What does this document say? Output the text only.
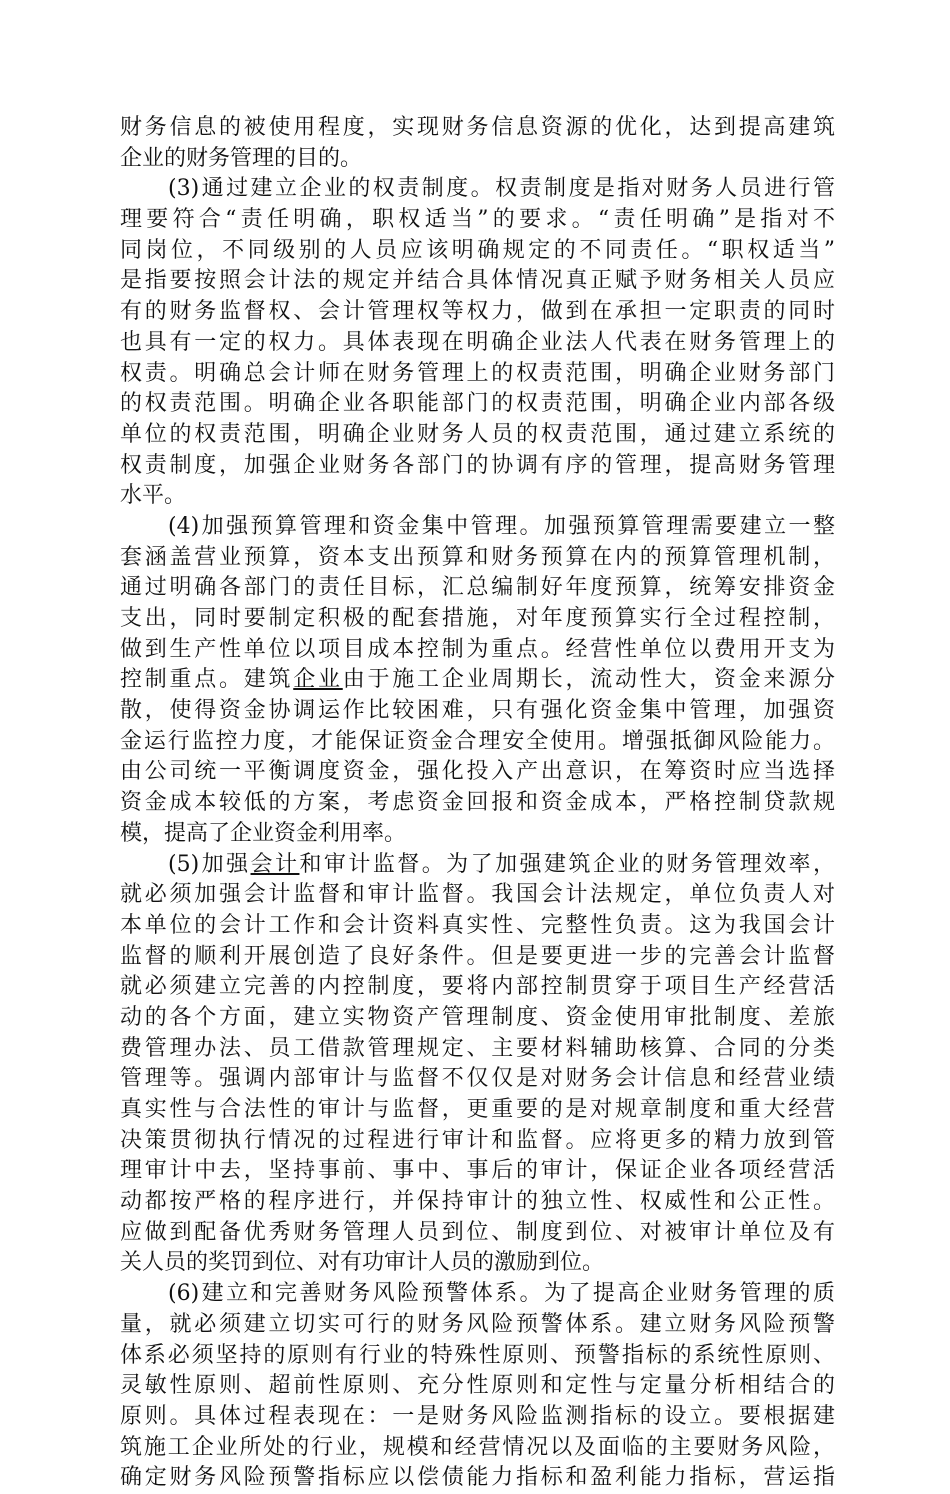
财务信息的被使用程度，实现财务信息资源的优化，达到提高建筑
企业的财务管理的目的。
(3)通过建立企业的权责制度。权责制度是指对财务人员进行管
理要符合“责任明确，职权适当”的要求。“责任明确”是指对不
同岗位，不同级别的人员应该明确规定的不同责任。“职权适当”
是指要按照会计法的规定并结合具体情况真正赋予财务相关人员应
有的财务监督权、会计管理权等权力，做到在承担一定职责的同时
也具有一定的权力。具体表现在明确企业法人代表在财务管理上的
权责。明确总会计师在财务管理上的权责范围，明确企业财务部门
的权责范围。明确企业各职能部门的权责范围，明确企业内部各级
单位的权责范围，明确企业财务人员的权责范围，通过建立系统的
权责制度，加强企业财务各部门的协调有序的管理，提高财务管理
水平。
(4)加强预算管理和资金集中管理。加强预算管理需要建立一整
套涵盖营业预算，资本支出预算和财务预算在内的预算管理机制，
通过明确各部门的责任目标，汇总编制好年度预算，统筹安排资金
支出，同时要制定积极的配套措施，对年度预算实行全过程控制，
做到生产性单位以项目成本控制为重点。经营性单位以费用开支为
控制重点。建筑企业由于施工企业周期长，流动性大，资金来源分
散，使得资金协调运作比较困难，只有强化资金集中管理，加强资
金运行监控力度，才能保证资金合理安全使用。增强抵御风险能力。
由公司统一平衡调度资金，强化投入产出意识，在筹资时应当选择
资金成本较低的方案，考虑资金回报和资金成本，严格控制贷款规
模，提高了企业资金利用率。
(5)加强会计和审计监督。为了加强建筑企业的财务管理效率，
就必须加强会计监督和审计监督。我国会计法规定，单位负责人对
本单位的会计工作和会计资料真实性、完整性负责。这为我国会计
监督的顺利开展创造了良好条件。但是要更进一步的完善会计监督
就必须建立完善的内控制度，要将内部控制贯穿于项目生产经营活
动的各个方面，建立实物资产管理制度、资金使用审批制度、差旅
费管理办法、员工借款管理规定、主要材料辅助核算、合同的分类
管理等。强调内部审计与监督不仅仅是对财务会计信息和经营业绩
真实性与合法性的审计与监督，更重要的是对规章制度和重大经营
决策贯彻执行情况的过程进行审计和监督。应将更多的精力放到管
理审计中去，坚持事前、事中、事后的审计，保证企业各项经营活
动都按严格的程序进行，并保持审计的独立性、权威性和公正性。
应做到配备优秀财务管理人员到位、制度到位、对被审计单位及有
关人员的奖罚到位、对有功审计人员的激励到位。
(6)建立和完善财务风险预警体系。为了提高企业财务管理的质
量，就必须建立切实可行的财务风险预警体系。建立财务风险预警
体系必须坚持的原则有行业的特殊性原则、预警指标的系统性原则、
灵敏性原则、超前性原则、充分性原则和定性与定量分析相结合的
原则。具体过程表现在：一是财务风险监测指标的设立。要根据建
筑施工企业所处的行业，规模和经营情况以及面临的主要财务风险，
确定财务风险预警指标应以偿债能力指标和盈利能力指标，营运指
